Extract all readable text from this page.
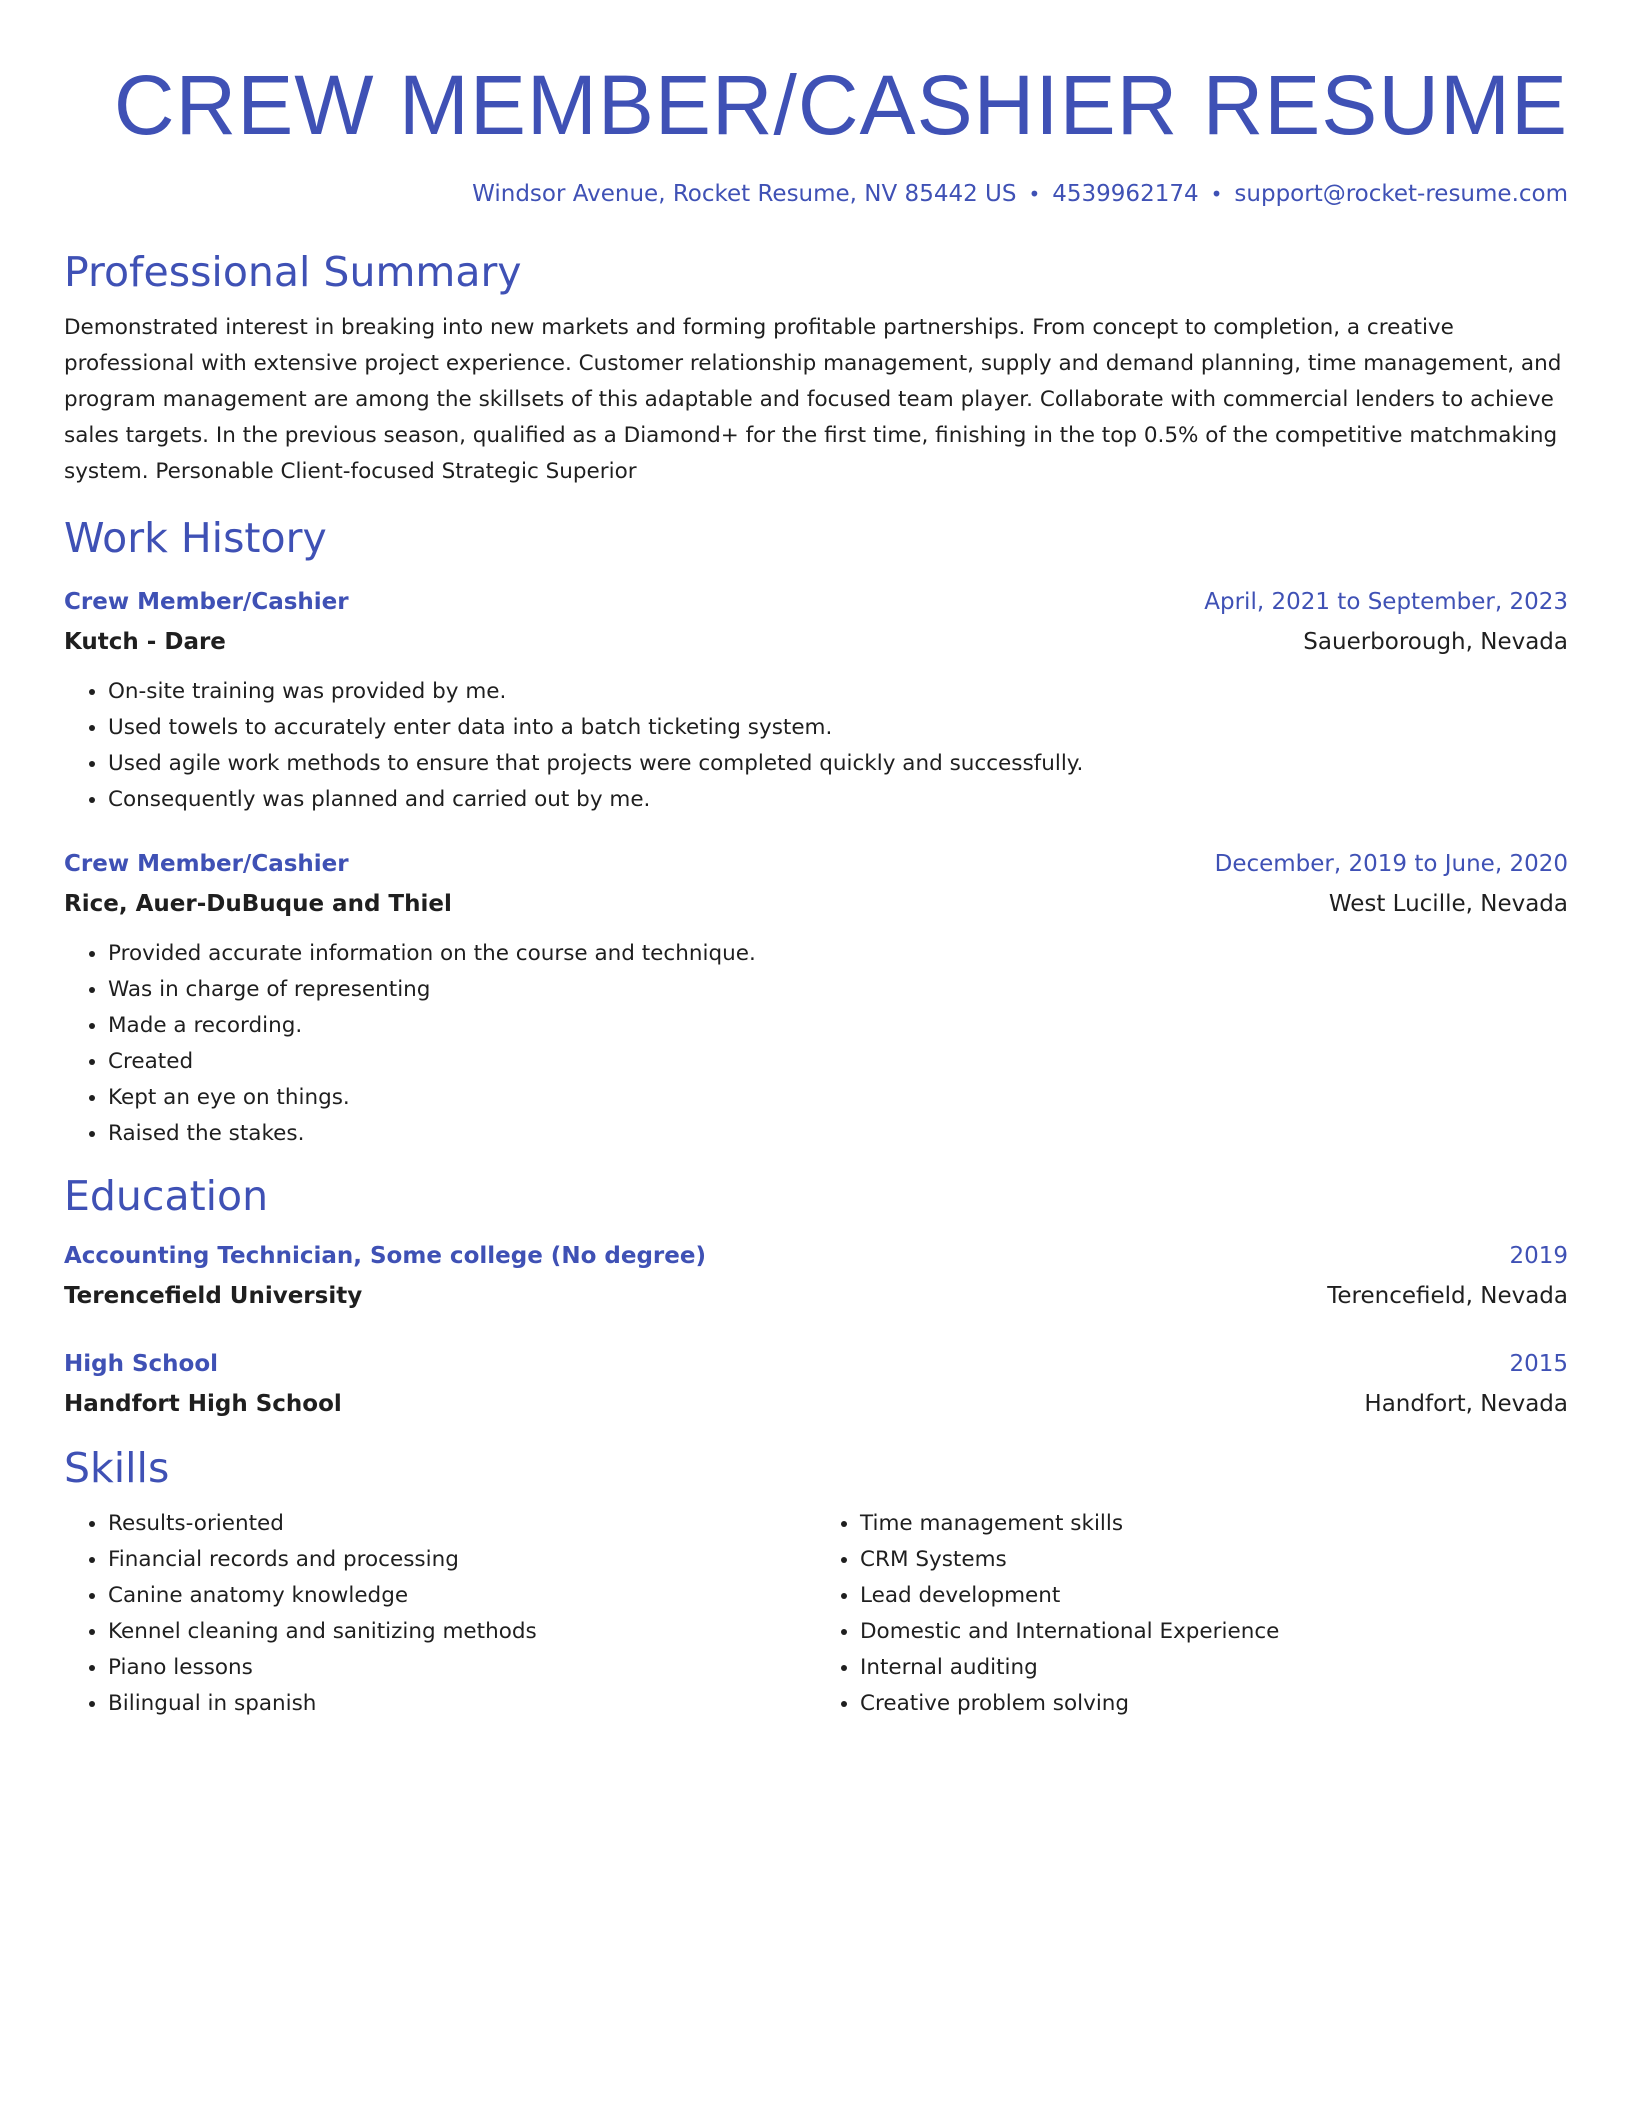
CREW MEMBER/CASHIER RESUME
Windsor Avenue, Rocket Resume, NV 85442 US • 4539962174 • support@rocket-resume.com
Professional Summary

Demonstrated interest in breaking into new markets and forming profitable partnerships. From concept to completion, a creative professional with extensive project experience. Customer relationship management, supply and demand planning, time management, and program management are among the skillsets of this adaptable and focused team player. Collaborate with commercial lenders to achieve sales targets. In the previous season, qualified as a Diamond+ for the first time, finishing in the top 0.5% of the competitive matchmaking system. Personable Client-focused Strategic Superior

Work History
Crew Member/Cashier	April, 2021 to September, 2023
Kutch - Dare	Sauerborough, Nevada
• On-site training was provided by me.
• Used towels to accurately enter data into a batch ticketing system.
• Used agile work methods to ensure that projects were completed quickly and successfully.
• Consequently was planned and carried out by me.
Crew Member/Cashier	December, 2019 to June, 2020
Rice, Auer-DuBuque and Thiel	West Lucille, Nevada
• Provided accurate information on the course and technique.
• Was in charge of representing
• Made a recording.
• Created
• Kept an eye on things.
• Raised the stakes.
Education
Accounting Technician, Some college (No degree)	2019
Terencefield University	Terencefield, Nevada
High School	2015
Handfort High School	Handfort, Nevada
Skills
• Results-oriented
• Financial records and processing
• Canine anatomy knowledge
• Kennel cleaning and sanitizing methods
• Piano lessons
• Bilingual in spanish
• Time management skills
• CRM Systems
• Lead development
• Domestic and International Experience
• Internal auditing
• Creative problem solving
